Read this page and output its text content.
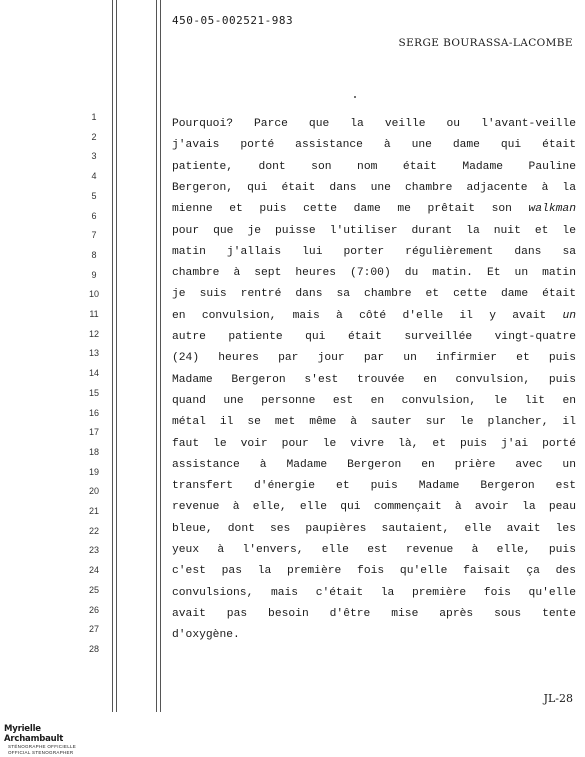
450-05-002521-983
SERGE BOURASSA-LACOMBE
1
2
3
4
5
6
7
8
9
10
11
12
13
14
15
16
17
18
19
20
21
22
23
24
25
26
27
28
Pourquoi? Parce que la veille ou l'avant-veille
j'avais porté assistance à une dame qui était
patiente, dont son nom était Madame Pauline
Bergeron, qui était dans une chambre adjacente à la
mienne et puis cette dame me prêtait son walkman
pour que je puisse l'utiliser durant la nuit et le
matin j'allais lui porter régulièrement dans sa
chambre à sept heures (7:00) du matin. Et un matin
je suis rentré dans sa chambre et cette dame était
en convulsion, mais à côté d'elle il y avait un
autre patiente qui était surveillée vingt-quatre
(24) heures par jour par un infirmier et puis
Madame Bergeron s'est trouvée en convulsion, puis
quand une personne est en convulsion, le lit en
métal il se met même à sauter sur le plancher, il
faut le voir pour le vivre là, et puis j'ai porté
assistance à Madame Bergeron en prière avec un
transfert d'énergie et puis Madame Bergeron est
revenue à elle, elle qui commençait à avoir la peau
bleue, dont ses paupières sautaient, elle avait les
yeux à l'envers, elle est revenue à elle, puis
c'est pas la première fois qu'elle faisait ça des
convulsions, mais c'était la première fois qu'elle
avait pas besoin d'être mise après sous tente
d'oxygène.
JL-28
Myrielle Archambault
STÉNOGRAPHE OFFICIELLE
OFFICIAL STENOGRAPHER
